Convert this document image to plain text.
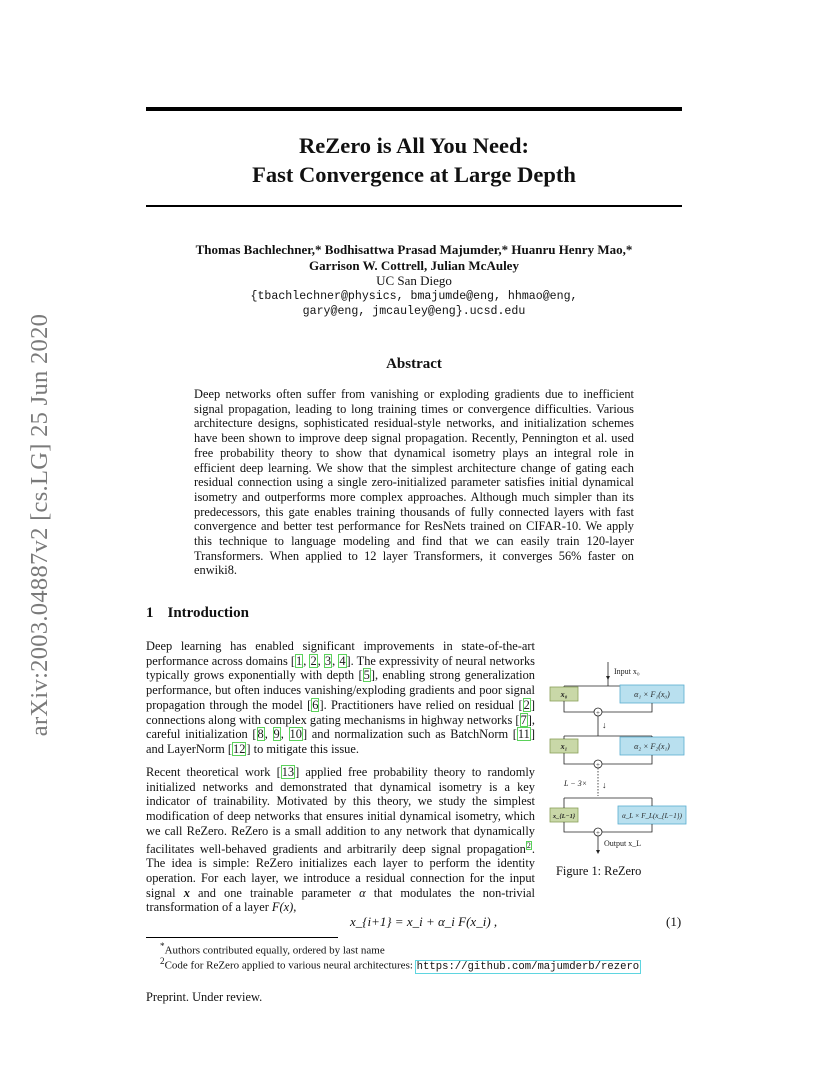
arXiv:2003.04887v2 [cs.LG] 25 Jun 2020
ReZero is All You Need:
Fast Convergence at Large Depth
Thomas Bachlechner,* Bodhisattwa Prasad Majumder,* Huanru Henry Mao,*
Garrison W. Cottrell, Julian McAuley
UC San Diego
{tbachlechner@physics, bmajumde@eng, hhmao@eng,
gary@eng, jmcauley@eng}.ucsd.edu
Abstract
Deep networks often suffer from vanishing or exploding gradients due to inefficient signal propagation, leading to long training times or convergence difficulties. Various architecture designs, sophisticated residual-style networks, and initialization schemes have been shown to improve deep signal propagation. Recently, Pennington et al. used free probability theory to show that dynamical isometry plays an integral role in efficient deep learning. We show that the simplest architecture change of gating each residual connection using a single zero-initialized parameter satisfies initial dynamical isometry and outperforms more complex approaches. Although much simpler than its predecessors, this gate enables training thousands of fully connected layers with fast convergence and better test performance for ResNets trained on CIFAR-10. We apply this technique to language modeling and find that we can easily train 120-layer Transformers. When applied to 12 layer Transformers, it converges 56% faster on enwiki8.
1 Introduction
Deep learning has enabled significant improvements in state-of-the-art performance across domains [1, 2, 3, 4]. The expressivity of neural networks typically grows exponentially with depth [5], enabling strong generalization performance, but often induces vanishing/exploding gradients and poor signal propagation through the model [6]. Practitioners have relied on residual [2] connections along with complex gating mechanisms in highway networks [7], careful initialization [8, 9, 10] and normalization such as BatchNorm [11] and LayerNorm [12] to mitigate this issue.
Recent theoretical work [13] applied free probability theory to randomly initialized networks and demonstrated that dynamical isometry is a key indicator of trainability. Motivated by this theory, we study the simplest modification of deep networks that ensures initial dynamical isometry, which we call ReZero. ReZero is a small addition to any network that dynamically facilitates well-behaved gradients and arbitrarily deep signal propagation$^2$. The idea is simple: ReZero initializes each layer to perform the identity operation. For each layer, we introduce a residual connection for the input signal x and one trainable parameter α that modulates the non-trivial transformation of a layer F(x),
Input x₀
x₀	α₁ × F₁(x₀)
+
↓
x₁	α₂ × F₂(x₁)
+
L − 3× ↓
x_{L−1}	α_L × F_L(x_{L−1})
+
Output x_L
Figure 1: ReZero
x_{i+1} = x_i + α_i F(x_i) ,	(1)
*Authors contributed equally, ordered by last name
$^2$Code for ReZero applied to various neural architectures: https://github.com/majumderb/rezero
Preprint. Under review.
